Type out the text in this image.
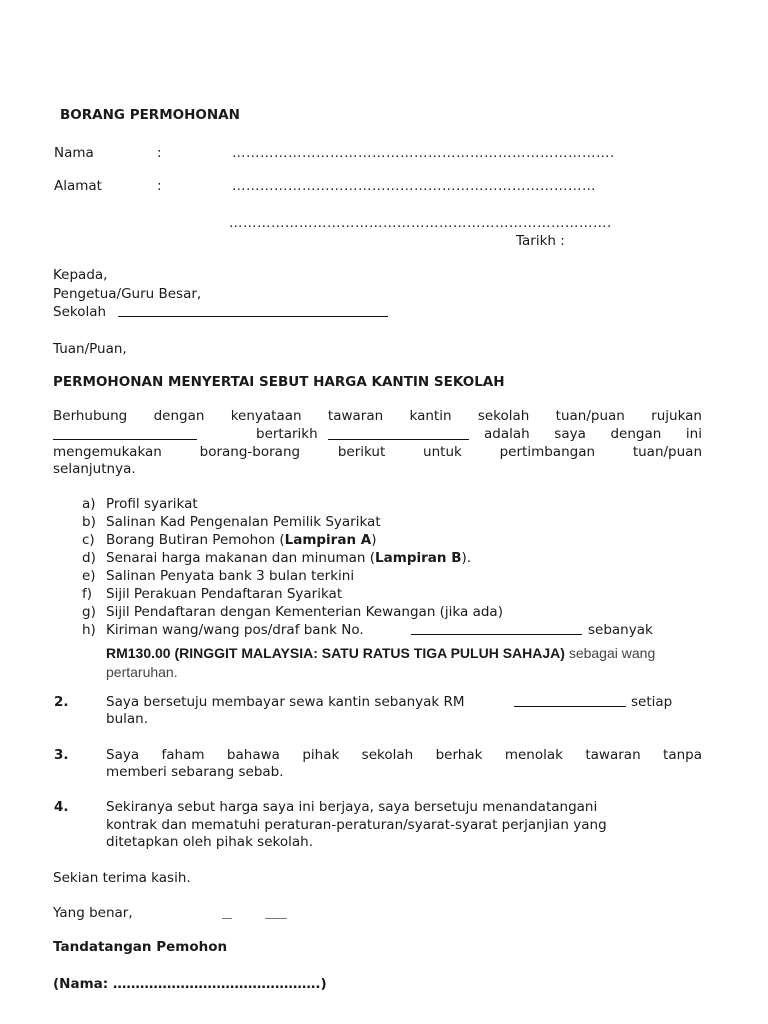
BORANG PERMOHONAN
Nama	:	……………………………………………………………………….
Alamat	:	……………………………………………………………………
……………………………………………………………………….
Tarikh :
Kepada,
Pengetua/Guru Besar,
Sekolah
Tuan/Puan,
PERMOHONAN MENYERTAI SEBUT HARGA KANTIN SEKOLAH
Berhubung dengan kenyataan tawaran kantin sekolah tuan/puan rujukan
bertarikh	adalah saya dengan ini
mengemukakan borang-borang berikut untuk pertimbangan tuan/puan
selanjutnya.
a) Profil syarikat
b) Salinan Kad Pengenalan Pemilik Syarikat
c) Borang Butiran Pemohon (Lampiran A)
d) Senarai harga makanan dan minuman (Lampiran B).
e) Salinan Penyata bank 3 bulan terkini
f) Sijil Perakuan Pendaftaran Syarikat
g) Sijil Pendaftaran dengan Kementerian Kewangan (jika ada)
h) Kiriman wang/wang pos/draf bank No.	sebanyak
RM130.00 (RINGGIT MALAYSIA: SATU RATUS TIGA PULUH SAHAJA) sebagai wang
pertaruhan.
2.	Saya bersetuju membayar sewa kantin sebanyak RM	setiap
bulan.
3.	Saya faham bahawa pihak sekolah berhak menolak tawaran tanpa
memberi sebarang sebab.
4.	Sekiranya sebut harga saya ini berjaya, saya bersetuju menandatangani
kontrak dan mematuhi peraturan-peraturan/syarat-syarat perjanjian yang
ditetapkan oleh pihak sekolah.
Sekian terima kasih.
Yang benar,
Tandatangan Pemohon
(Nama: ……………………………………….)
